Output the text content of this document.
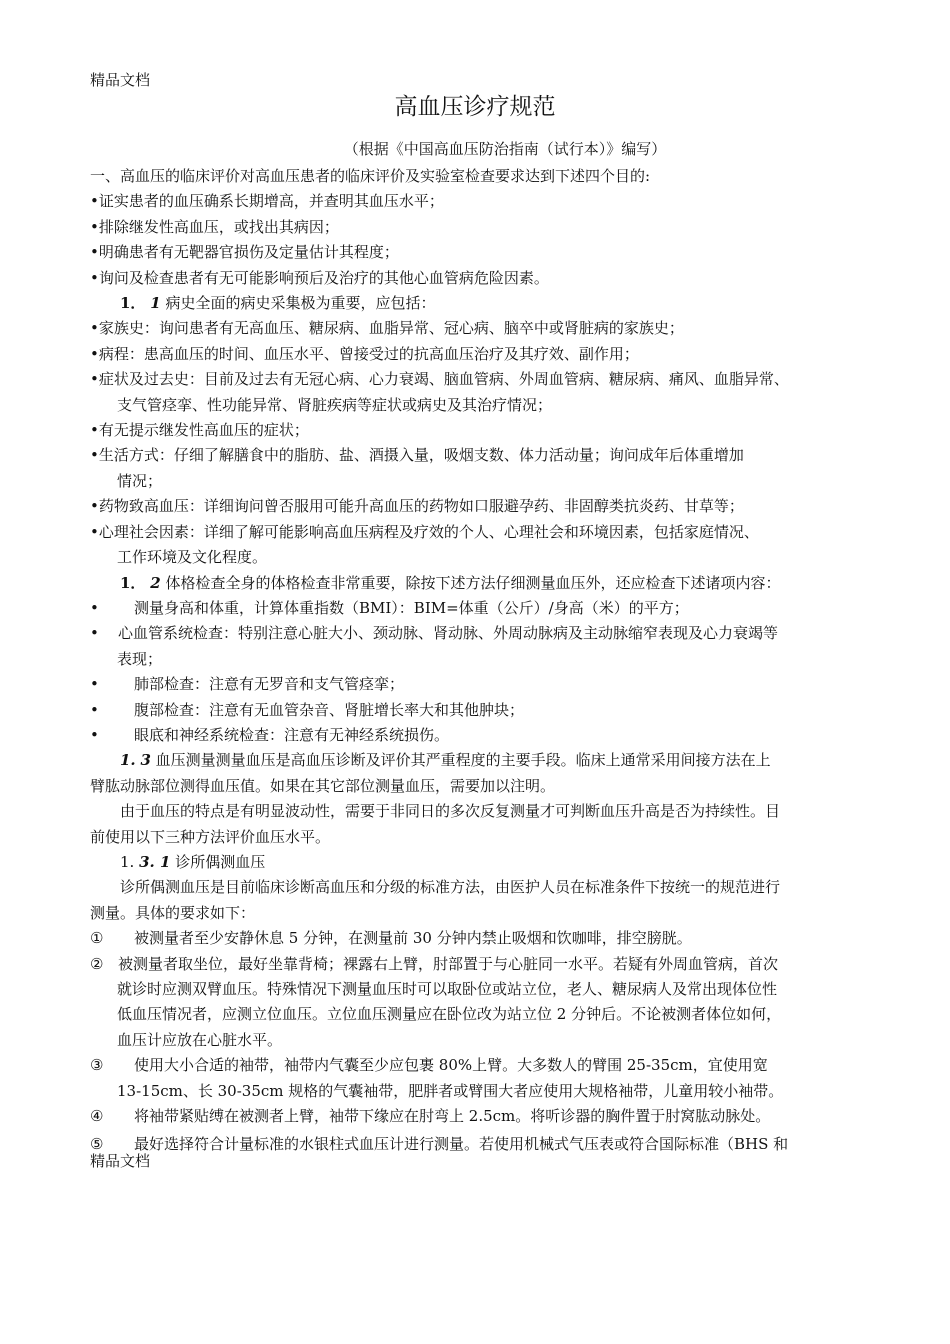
精品文档
高血压诊疗规范
（根据《中国高血压防治指南（试行本）》编写）

一、高血压的临床评价对高血压患者的临床评价及实验室检查要求达到下述四个目的:

•证实患者的血压确系长期增高，并查明其血压水平；

•排除继发性高血压，或找出其病因；

•明确患者有无靶器官损伤及定量估计其程度；

•询问及检查患者有无可能影响预后及治疗的其他心血管病危险因素。

1． 1 病史全面的病史采集极为重要，应包括：

•家族史：询问患者有无高血压、糖尿病、血脂异常、冠心病、脑卒中或肾脏病的家族史；

•病程：患高血压的时间、血压水平、曾接受过的抗高血压治疗及其疗效、副作用；

•症状及过去史：目前及过去有无冠心病、心力衰竭、脑血管病、外周血管病、糖尿病、痛风、血脂异常、

支气管痉挛、性功能异常、肾脏疾病等症状或病史及其治疗情况；

•有无提示继发性高血压的症状；

•生活方式：仔细了解膳食中的脂肪、盐、酒摄入量，吸烟支数、体力活动量；询问成年后体重增加

情况；

•药物致高血压：详细询问曾否服用可能升高血压的药物如口服避孕药、非固醇类抗炎药、甘草等；

•心理社会因素：详细了解可能影响高血压病程及疗效的个人、心理社会和环境因素，包括家庭情况、

工作环境及文化程度。

1． 2 体格检查全身的体格检查非常重要，除按下述方法仔细测量血压外，还应检查下述诸项内容：

• 测量身高和体重，计算体重指数（BMI）：BIM=体重（公斤）/身高（米）的平方；

• 心血管系统检查：特别注意心脏大小、颈动脉、肾动脉、外周动脉病及主动脉缩窄表现及心力衰竭等

表现；

• 肺部检查：注意有无罗音和支气管痉挛；

• 腹部检查：注意有无血管杂音、肾脏增长率大和其他肿块；

• 眼底和神经系统检查：注意有无神经系统损伤。

1. 3 血压测量测量血压是高血压诊断及评价其严重程度的主要手段。临床上通常采用间接方法在上

臂肱动脉部位测得血压值。如果在其它部位测量血压，需要加以注明。

由于血压的特点是有明显波动性，需要于非同日的多次反复测量才可判断血压升高是否为持续性。目

前使用以下三种方法评价血压水平。

1. 3. 1 诊所偶测血压

诊所偶测血压是目前临床诊断高血压和分级的标准方法，由医护人员在标准条件下按统一的规范进行

测量。具体的要求如下：

① 被测量者至少安静休息 5 分钟，在测量前 30 分钟内禁止吸烟和饮咖啡，排空膀胱。

② 被测量者取坐位，最好坐靠背椅；裸露右上臂，肘部置于与心脏同一水平。若疑有外周血管病，首次

就诊时应测双臂血压。特殊情况下测量血压时可以取卧位或站立位，老人、糖尿病人及常出现体位性

低血压情况者，应测立位血压。立位血压测量应在卧位改为站立位 2 分钟后。不论被测者体位如何，

血压计应放在心脏水平。

③ 使用大小合适的袖带，袖带内气囊至少应包裹 80%上臂。大多数人的臂围 25-35cm，宜使用宽

13-15cm、长 30-35cm 规格的气囊袖带，肥胖者或臂围大者应使用大规格袖带，儿童用较小袖带。

④ 将袖带紧贴缚在被测者上臂，袖带下缘应在肘弯上 2.5cm。将听诊器的胸件置于肘窝肱动脉处。

⑤ 最好选择符合计量标准的水银柱式血压计进行测量。若使用机械式气压表或符合国际标准（BHS 和

精品文档
